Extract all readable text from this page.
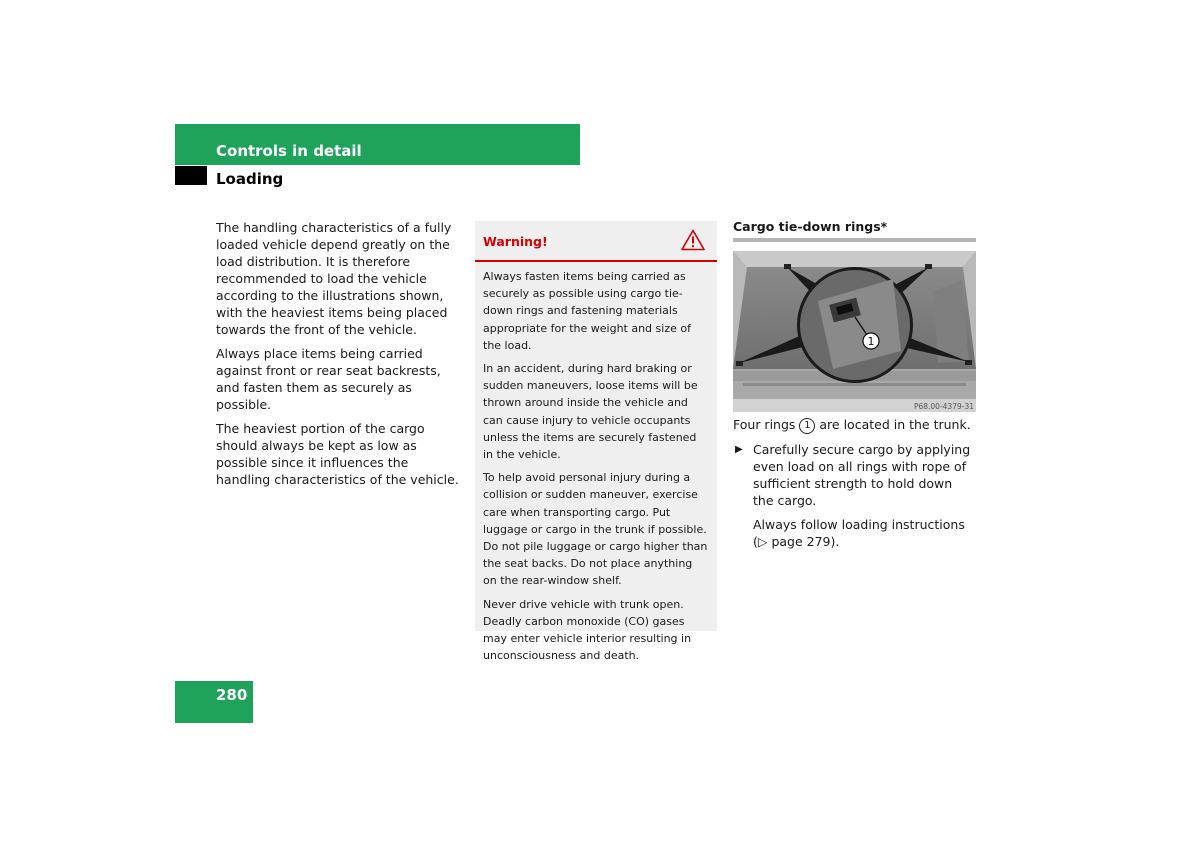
Controls in detail
Loading

The handling characteristics of a fully loaded vehicle depend greatly on the load distribution. It is therefore recommended to load the vehicle according to the illustrations shown, with the heaviest items being placed towards the front of the vehicle.

Always place items being carried against front or rear seat backrests, and fasten them as securely as possible.

The heaviest portion of the cargo should always be kept as low as possible since it influences the handling characteristics of the vehicle.

Warning!

Always fasten items being carried as securely as possible using cargo tie-down rings and fastening materials appropriate for the weight and size of the load.

In an accident, during hard braking or sudden maneuvers, loose items will be thrown around inside the vehicle and can cause injury to vehicle occupants unless the items are securely fastened in the vehicle.

To help avoid personal injury during a collision or sudden maneuver, exercise care when transporting cargo. Put luggage or cargo in the trunk if possible. Do not pile luggage or cargo higher than the seat backs. Do not place anything on the rear-window shelf.

Never drive vehicle with trunk open. Deadly carbon monoxide (CO) gases may enter vehicle interior resulting in unconsciousness and death.

Cargo tie-down rings*
1
P68.00-4379-31
Four rings 1 are located in the trunk.
▶ Carefully secure cargo by applying even load on all rings with rope of sufficient strength to hold down the cargo.
Always follow loading instructions (▷ page 279).
280
